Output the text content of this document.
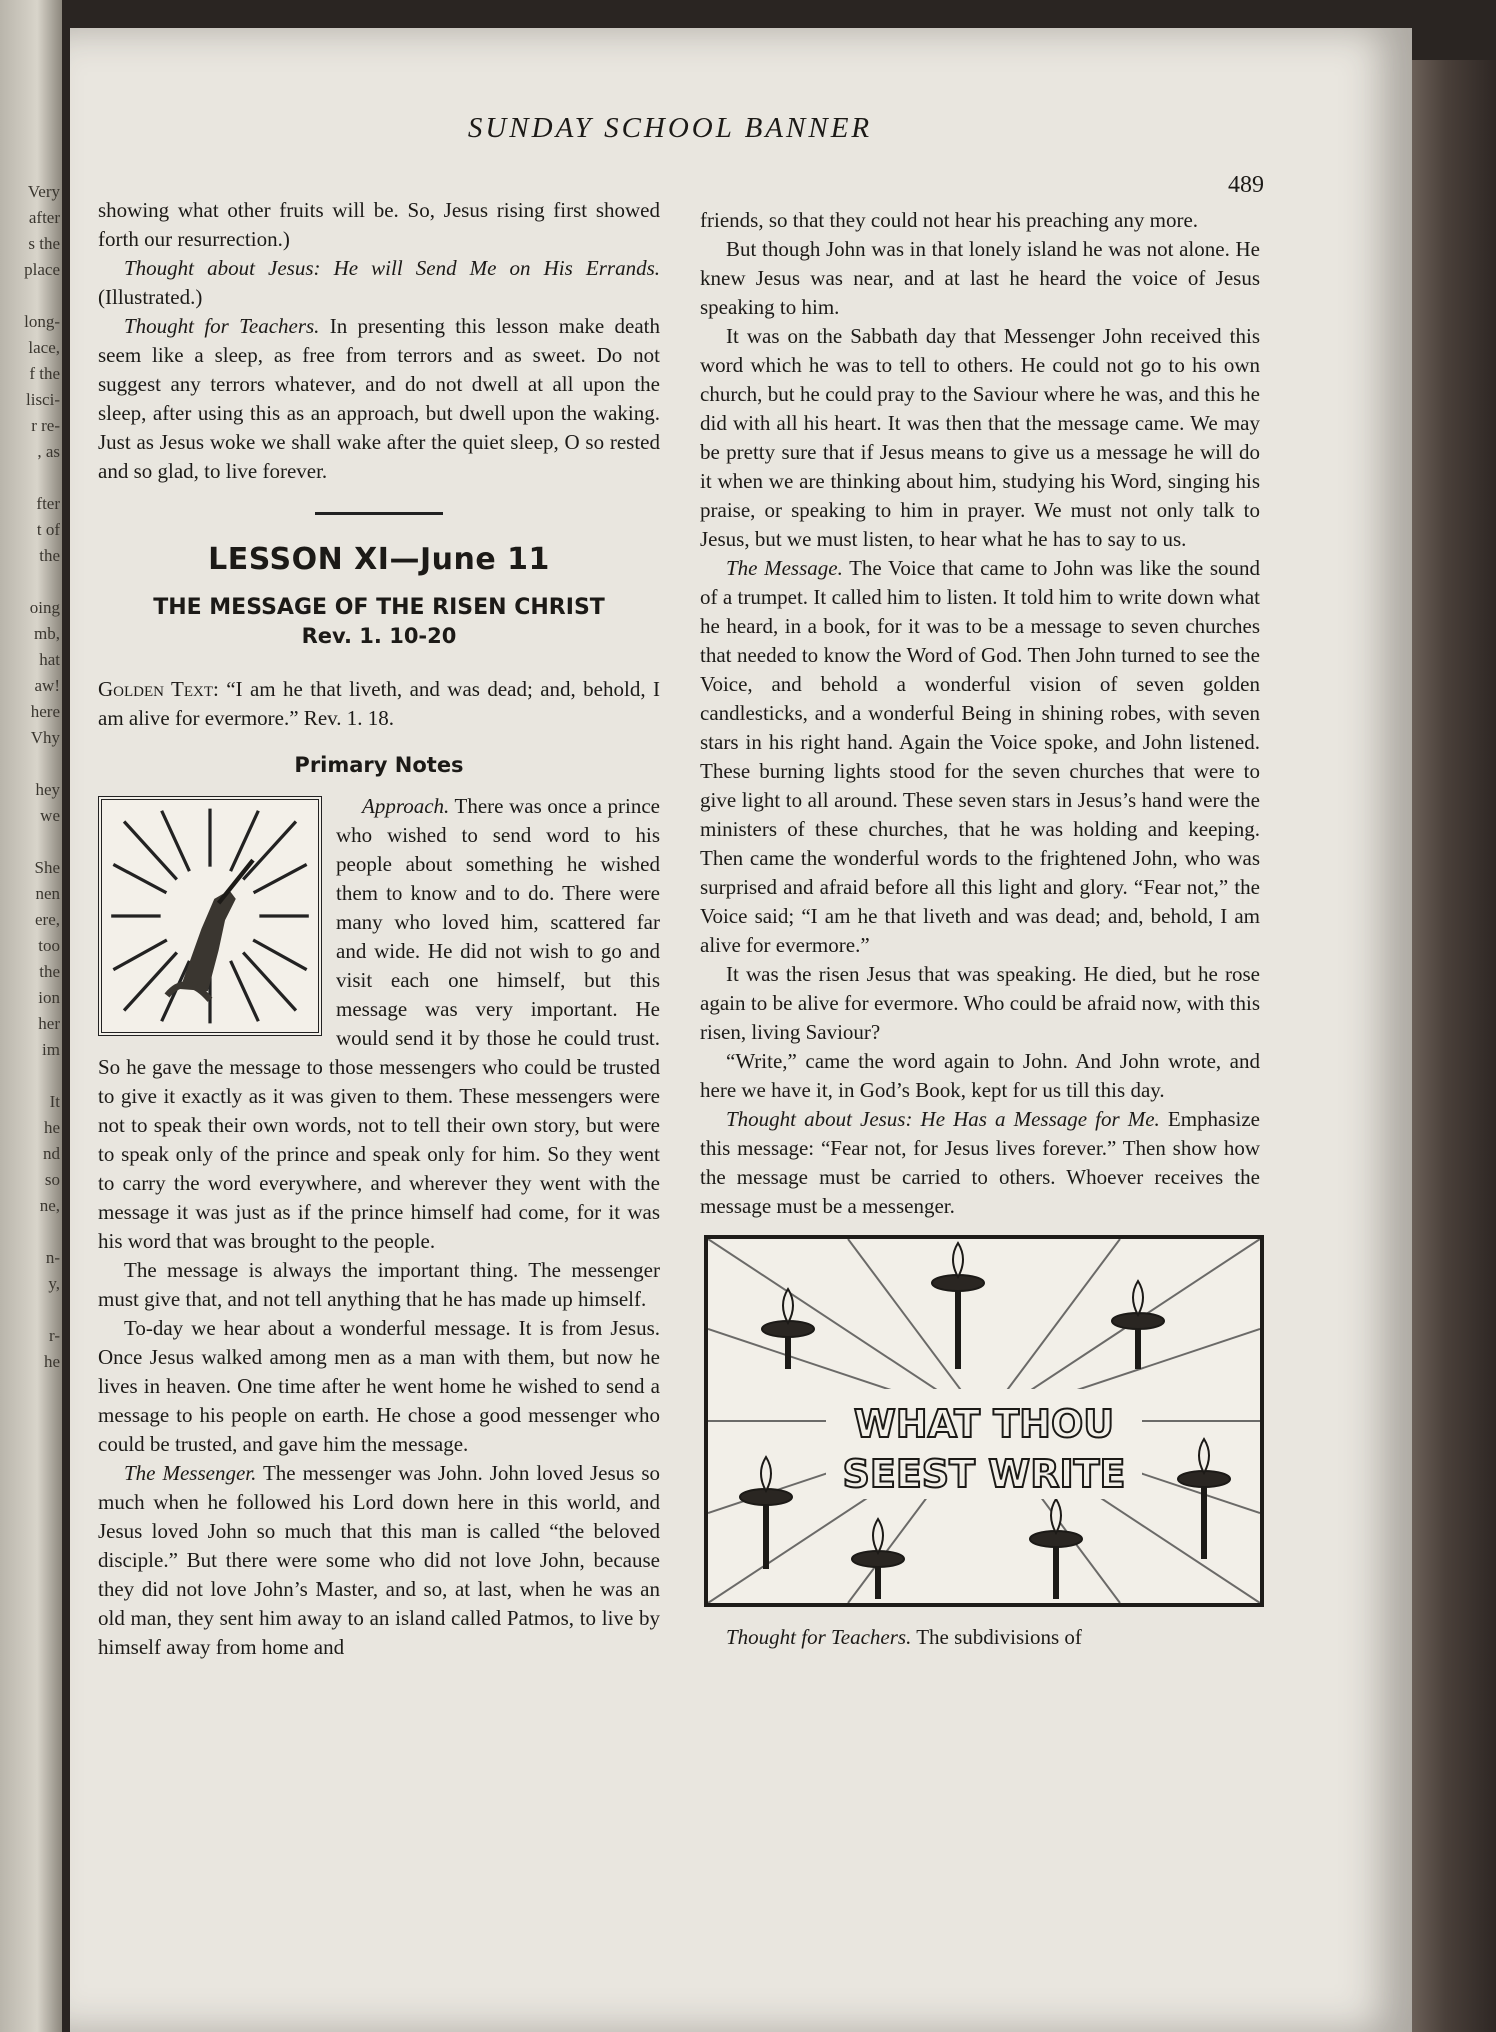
Very
after
s the
place
long-
lace,
f the
lisci-
r re-
, as
fter
t of
the
oing
mb,
hat
aw!
here
Vhy
hey
we
She
nen
ere,
too
the
ion
her
im
It
he
nd
so
ne,
n-
y,
r-
he
SUNDAY SCHOOL BANNER
489

showing what other fruits will be. So, Jesus rising first showed forth our resurrection.)

Thought about Jesus: He will Send Me on His Errands. (Illustrated.)

Thought for Teachers. In presenting this lesson make death seem like a sleep, as free from terrors and as sweet. Do not suggest any terrors whatever, and do not dwell at all upon the sleep, after using this as an approach, but dwell upon the waking. Just as Jesus woke we shall wake after the quiet sleep, O so rested and so glad, to live forever.

LESSON XI—June 11
THE MESSAGE OF THE RISEN CHRIST
Rev. 1. 10-20

Golden Text: “I am he that liveth, and was dead; and, behold, I am alive for evermore.” Rev. 1. 18.

Primary Notes

Approach. There was once a prince who wished to send word to his people about something he wished them to know and to do. There were many who loved him, scattered far and wide. He did not wish to go and visit each one himself, but this message was very important. He would send it by those he could trust. So he gave the message to those messengers who could be trusted to give it exactly as it was given to them. These messengers were not to speak their own words, not to tell their own story, but were to speak only of the prince and speak only for him. So they went to carry the word everywhere, and wherever they went with the message it was just as if the prince himself had come, for it was his word that was brought to the people.

The message is always the important thing. The messenger must give that, and not tell anything that he has made up himself.

To-day we hear about a wonderful message. It is from Jesus. Once Jesus walked among men as a man with them, but now he lives in heaven. One time after he went home he wished to send a message to his people on earth. He chose a good messenger who could be trusted, and gave him the message.

The Messenger. The messenger was John. John loved Jesus so much when he followed his Lord down here in this world, and Jesus loved John so much that this man is called “the beloved disciple.” But there were some who did not love John, because they did not love John’s Master, and so, at last, when he was an old man, they sent him away to an island called Patmos, to live by himself away from home and

friends, so that they could not hear his preaching any more.

But though John was in that lonely island he was not alone. He knew Jesus was near, and at last he heard the voice of Jesus speaking to him.

It was on the Sabbath day that Messenger John received this word which he was to tell to others. He could not go to his own church, but he could pray to the Saviour where he was, and this he did with all his heart. It was then that the message came. We may be pretty sure that if Jesus means to give us a message he will do it when we are thinking about him, studying his Word, singing his praise, or speaking to him in prayer. We must not only talk to Jesus, but we must listen, to hear what he has to say to us.

The Message. The Voice that came to John was like the sound of a trumpet. It called him to listen. It told him to write down what he heard, in a book, for it was to be a message to seven churches that needed to know the Word of God. Then John turned to see the Voice, and behold a wonderful vision of seven golden candlesticks, and a wonderful Being in shining robes, with seven stars in his right hand. Again the Voice spoke, and John listened. These burning lights stood for the seven churches that were to give light to all around. These seven stars in Jesus’s hand were the ministers of these churches, that he was holding and keeping. Then came the wonderful words to the frightened John, who was surprised and afraid before all this light and glory. “Fear not,” the Voice said; “I am he that liveth and was dead; and, behold, I am alive for evermore.”

It was the risen Jesus that was speaking. He died, but he rose again to be alive for evermore. Who could be afraid now, with this risen, living Saviour?

“Write,” came the word again to John. And John wrote, and here we have it, in God’s Book, kept for us till this day.

Thought about Jesus: He Has a Message for Me. Emphasize this message: “Fear not, for Jesus lives forever.” Then show how the message must be carried to others. Whoever receives the message must be a messenger.

WHAT THOU
SEEST WRITE

Thought for Teachers. The subdivisions of
